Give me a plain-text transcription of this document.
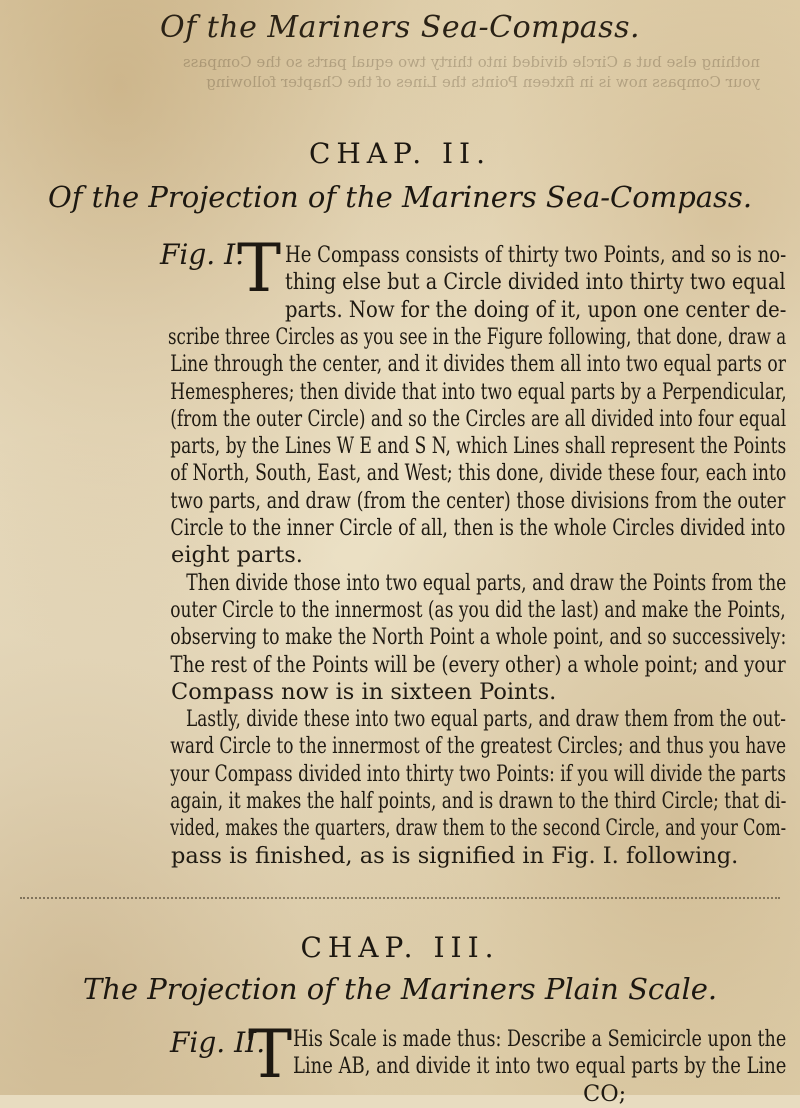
Of the Mariners Sea-Compass.
nothing else but a Circle divided into thirty two equal parts so the Compass
your Compass now is in fixteen Points the Lines of the Chapter following
CHAP. II.
Of the Projection of the Mariners Sea-Compass.
Fig. I.
T He Compass consists of thirty two Points, and so is no-
thing else but a Circle divided into thirty two equal
parts. Now for the doing of it, upon one center de-
scribe three Circles as you see in the Figure following, that done, draw a
Line through the center, and it divides them all into two equal parts or
Hemespheres; then divide that into two equal parts by a Perpendicular,
(from the outer Circle) and so the Circles are all divided into four equal
parts, by the Lines W E and S N, which Lines shall represent the Points
of North, South, East, and West; this done, divide these four, each into
two parts, and draw (from the center) those divisions from the outer
Circle to the inner Circle of all, then is the whole Circles divided into
eight parts.
Then divide those into two equal parts, and draw the Points from the
outer Circle to the innermost (as you did the last) and make the Points,
observing to make the North Point a whole point, and so successively:
The rest of the Points will be (every other) a whole point; and your
Compass now is in sixteen Points.
Lastly, divide these into two equal parts, and draw them from the out-
ward Circle to the innermost of the greatest Circles; and thus you have
your Compass divided into thirty two Points: if you will divide the parts
again, it makes the half points, and is drawn to the third Circle; that di-
vided, makes the quarters, draw them to the second Circle, and your Com-
pass is finished, as is signified in Fig. I. following.
CHAP. III.
The Projection of the Mariners Plain Scale.
Fig. II.
T His Scale is made thus: Describe a Semicircle upon the
Line AB, and divide it into two equal parts by the Line
CO;
